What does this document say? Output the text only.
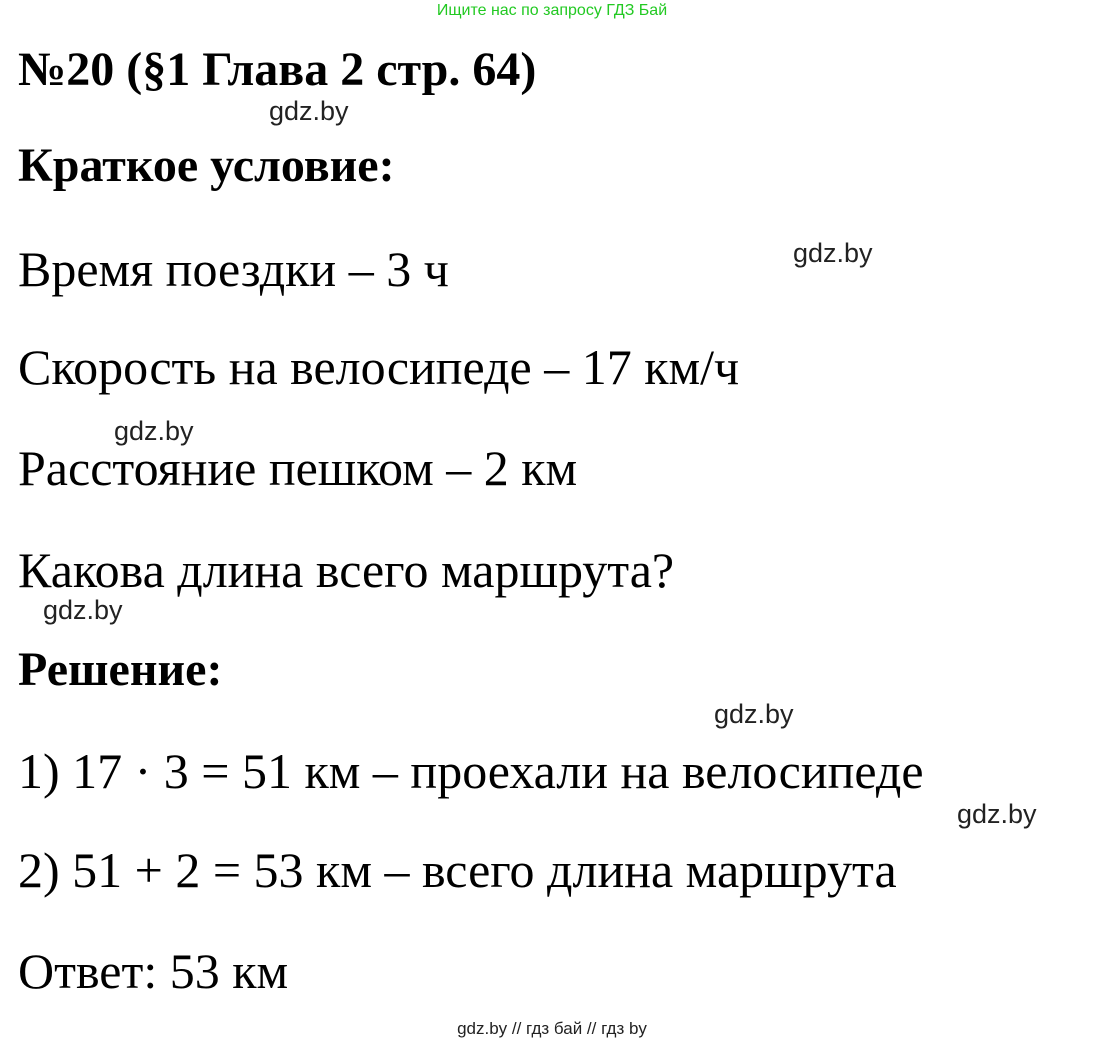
Ищите нас по запросу ГДЗ Бай
№20 (§1 Глава 2 стр. 64)
gdz.by
Краткое условие:
Время поездки – 3 ч	gdz.by
Скорость на велосипеде – 17 км/ч
gdz.by
Расстояние пешком – 2 км
Какова длина всего маршрута?
gdz.by
Решение:
gdz.by
1) 17 · 3 = 51 км – проехали на велосипеде
gdz.by
2) 51 + 2 = 53 км – всего длина маршрута
Ответ: 53 км
gdz.by // гдз бай // гдз by
